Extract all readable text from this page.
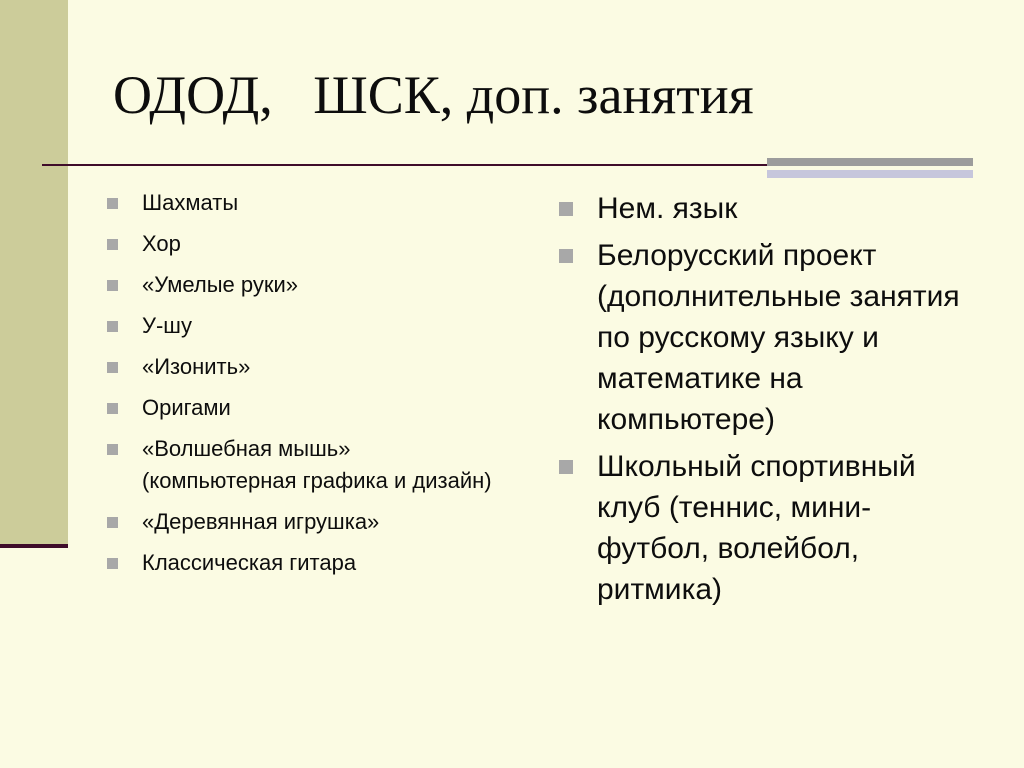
ОДОД,   ШСК, доп. занятия
Шахматы
Хор
«Умелые руки»
У-шу
«Изонить»
Оригами
«Волшебная мышь» (компьютерная графика и дизайн)
«Деревянная игрушка»
Классическая гитара
Нем. язык
Белорусский проект (дополнительные занятия по русскому языку и математике на компьютере)
Школьный спортивный клуб (теннис, мини-футбол, волейбол, ритмика)
